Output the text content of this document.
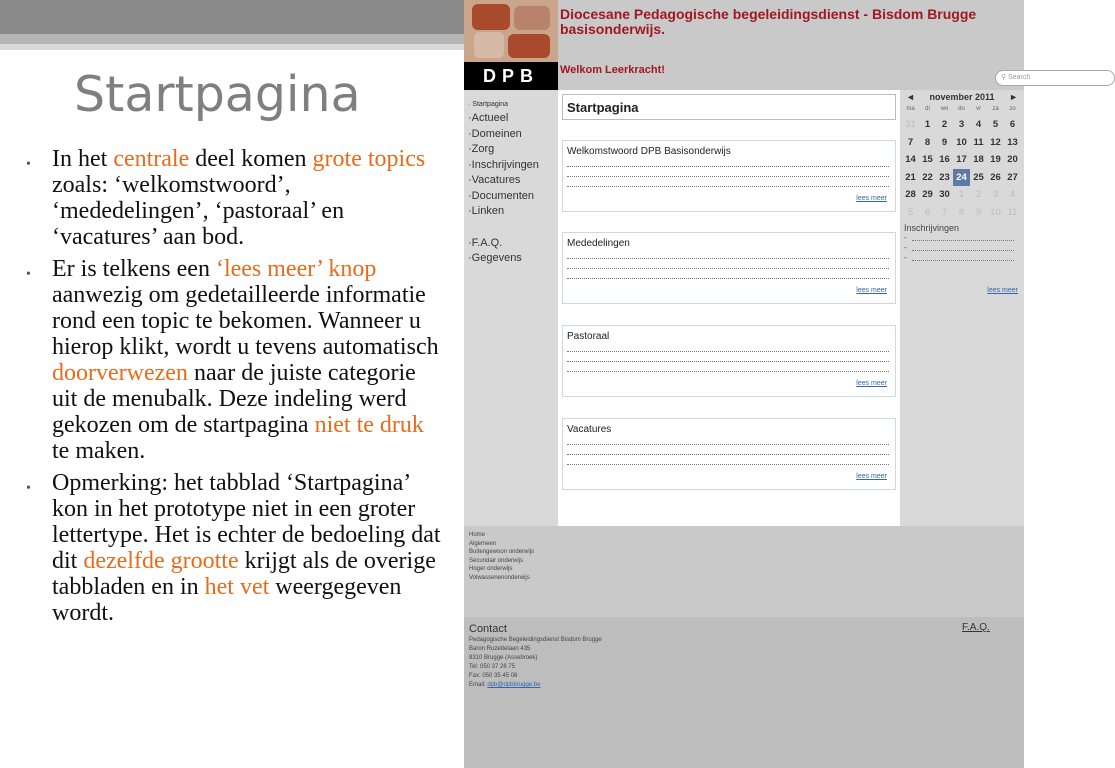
Startpagina
• In het centrale deel komen grote topics zoals: ‘welkomstwoord’, ‘mededelingen’, ‘pastoraal’ en ‘vacatures’ aan bod.
• Er is telkens een ‘lees meer’ knop aanwezig om gedetailleerde informatie rond een topic te bekomen. Wanneer u hierop klikt, wordt u tevens automatisch doorverwezen naar de juiste categorie uit de menubalk. Deze indeling werd gekozen om de startpagina niet te druk te maken.
• Opmerking: het tabblad ‘Startpagina’ kon in het prototype niet in een groter lettertype. Het is echter de bedoeling dat dit dezelfde grootte krijgt als de overige tabbladen en in het vet weergegeven wordt.
DPB
Diocesane Pedagogische begeleidingsdienst - Bisdom Brugge basisonderwijs.
Welkom Leerkracht!
⚲ Search
· Startpagina
·Actueel
·Domeinen
·Zorg
·Inschrijvingen
·Vacatures
·Documenten
·Linken
·F.A.Q.
·Gegevens
Startpagina
Welkomstwoord DPB Basisonderwijs
lees meer
Mededelingen
lees meer
Pastoraal
lees meer
Vacatures
lees meer
◄ november 2011 ►
ma	di	wo	do	vr	za	zo
31 1	2	3	4	5	6
7	8	9 10 11 12 13
14 15 16 17 18 19 20
21 22 23 24 25 26 27
28 29 30 1	2	3	4
5	6	7	8	9 10 11
Inschrijvingen
-
-
-
lees meer
Home
Algemeen
Buitengewoon onderwijs
Secundair onderwijs
Hoger onderwijs
Volwassenenonderwijs
Contact	F.A.Q.
Pedagogische Begeleidingsdienst Bisdom Brugge
Baron Ruzettelaan 435
8310 Brugge (Assebroek)
Tel: 050 37 26 75
Fax: 050 35 45 08
Email: dpb@dpbbrugge.be
